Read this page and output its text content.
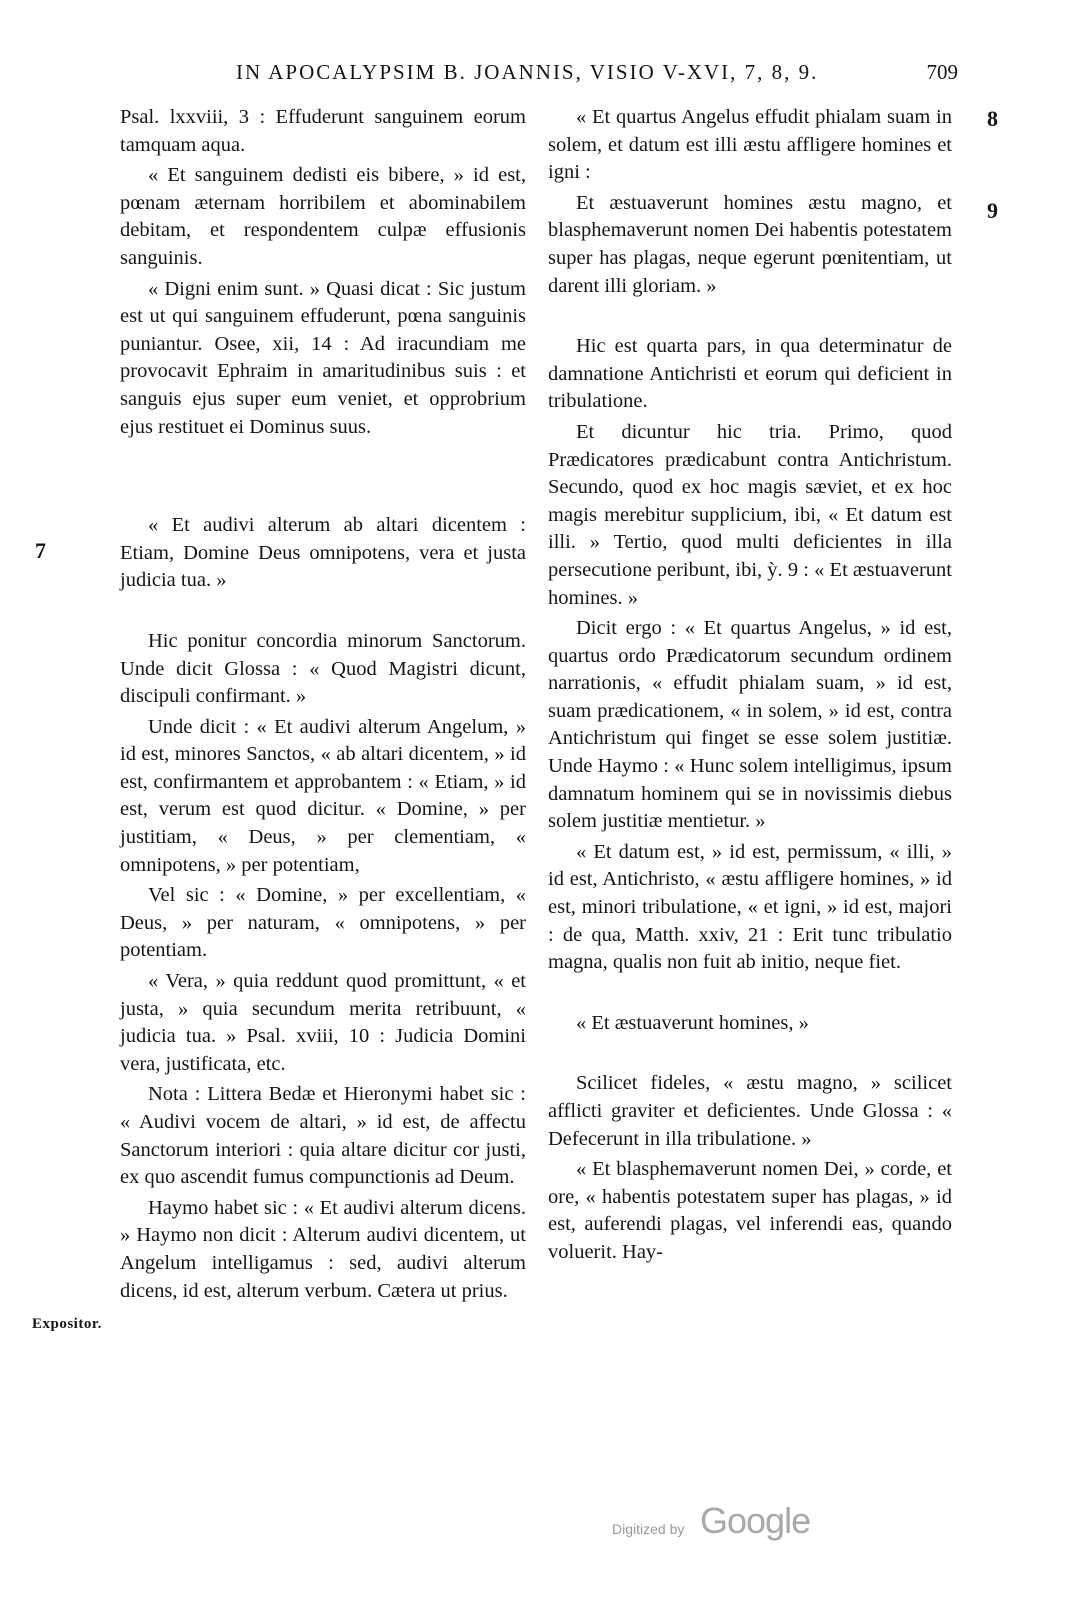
IN APOCALYPSIM B. JOANNIS, VISIO V-XVI, 7, 8, 9.	709
8
9
7
Expositor.

Psal. lxxviii, 3 : Effuderunt sanguinem eorum tamquam aqua.

« Et sanguinem dedisti eis bibere, » id est, pœnam æternam horribilem et abominabilem debitam, et respondentem culpæ effusionis sanguinis.

« Digni enim sunt. » Quasi dicat : Sic justum est ut qui sanguinem effuderunt, pœna sanguinis puniantur. Osee, xii, 14 : Ad iracundiam me provocavit Ephraim in amaritudinibus suis : et sanguis ejus super eum veniet, et opprobrium ejus restituet ei Dominus suus.

« Et audivi alterum ab altari dicentem : Etiam, Domine Deus omnipotens, vera et justa judicia tua. »

Hic ponitur concordia minorum Sanctorum. Unde dicit Glossa : « Quod Magistri dicunt, discipuli confirmant. »

Unde dicit : « Et audivi alterum Angelum, » id est, minores Sanctos, « ab altari dicentem, » id est, confirmantem et approbantem : « Etiam, » id est, verum est quod dicitur. « Domine, » per justitiam, « Deus, » per clementiam, « omnipotens, » per potentiam,

Vel sic : « Domine, » per excellentiam, « Deus, » per naturam, « omnipotens, » per potentiam.

« Vera, » quia reddunt quod promittunt, « et justa, » quia secundum merita retribuunt, « judicia tua. » Psal. xviii, 10 : Judicia Domini vera, justificata, etc.

Nota : Littera Bedæ et Hieronymi habet sic : « Audivi vocem de altari, » id est, de affectu Sanctorum interiori : quia altare dicitur cor justi, ex quo ascendit fumus compunctionis ad Deum.

Haymo habet sic : « Et audivi alterum dicens. » Haymo non dicit : Alterum audivi dicentem, ut Angelum intelligamus : sed, audivi alterum dicens, id est, alterum verbum. Cætera ut prius.

« Et quartus Angelus effudit phialam suam in solem, et datum est illi æstu affligere homines et igni :

Et æstuaverunt homines æstu magno, et blasphemaverunt nomen Dei habentis potestatem super has plagas, neque egerunt pœnitentiam, ut darent illi gloriam. »

Hic est quarta pars, in qua determinatur de damnatione Antichristi et eorum qui deficient in tribulatione.

Et dicuntur hic tria. Primo, quod Prædicatores prædicabunt contra Antichristum. Secundo, quod ex hoc magis sæviet, et ex hoc magis merebitur supplicium, ibi, « Et datum est illi. » Tertio, quod multi deficientes in illa persecutione peribunt, ibi, ỳ. 9 : « Et æstuaverunt homines. »

Dicit ergo : « Et quartus Angelus, » id est, quartus ordo Prædicatorum secundum ordinem narrationis, « effudit phialam suam, » id est, suam prædicationem, « in solem, » id est, contra Antichristum qui finget se esse solem justitiæ. Unde Haymo : « Hunc solem intelligimus, ipsum damnatum hominem qui se in novissimis diebus solem justitiæ mentietur. »

« Et datum est, » id est, permissum, « illi, » id est, Antichristo, « æstu affligere homines, » id est, minori tribulatione, « et igni, » id est, majori : de qua, Matth. xxiv, 21 : Erit tunc tribulatio magna, qualis non fuit ab initio, neque fiet.

« Et æstuaverunt homines, »

Scilicet fideles, « æstu magno, » scilicet afflicti graviter et deficientes. Unde Glossa : « Defecerunt in illa tribulatione. »

« Et blasphemaverunt nomen Dei, » corde, et ore, « habentis potestatem super has plagas, » id est, auferendi plagas, vel inferendi eas, quando voluerit. Hay-

Digitized by Google
